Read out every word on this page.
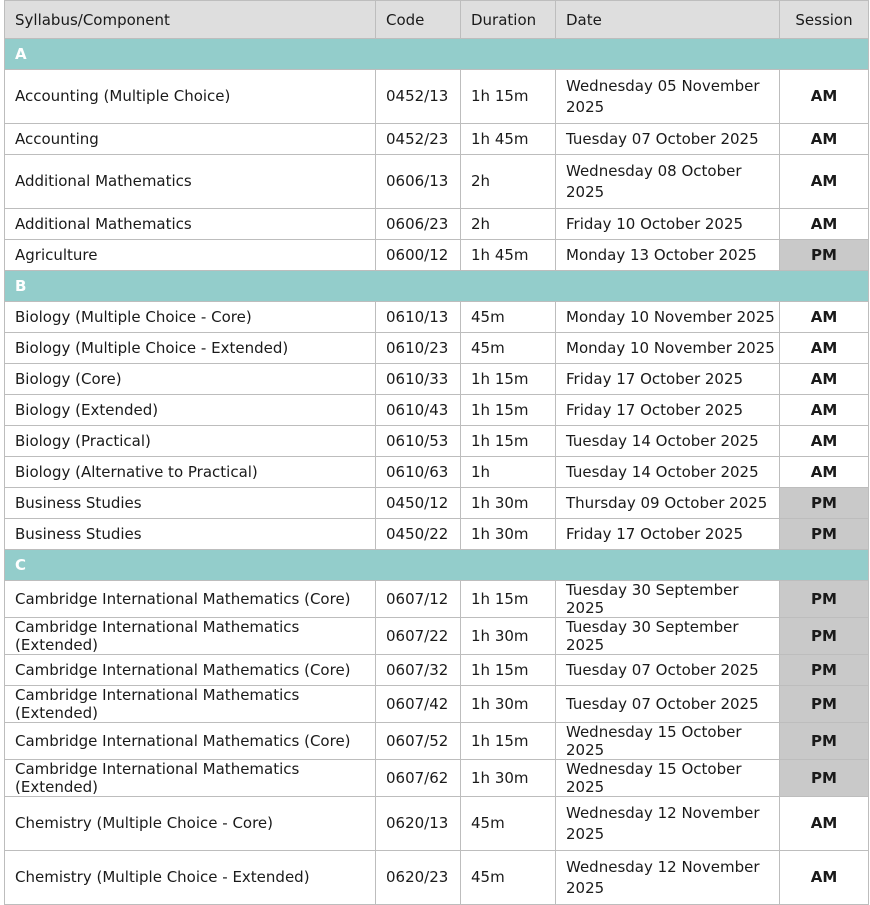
Syllabus/Component	Code	Duration	Date	Session
A				
Accounting (Multiple Choice)	0452/13	1h 15m	Wednesday 05 November 2025	AM
Accounting	0452/23	1h 45m	Tuesday 07 October 2025	AM
Additional Mathematics	0606/13	2h	Wednesday 08 October 2025	AM
Additional Mathematics	0606/23	2h	Friday 10 October 2025	AM
Agriculture	0600/12	1h 45m	Monday 13 October 2025	PM
B				
Biology (Multiple Choice - Core)	0610/13	45m	Monday 10 November 2025	AM
Biology (Multiple Choice - Extended)	0610/23	45m	Monday 10 November 2025	AM
Biology (Core)	0610/33	1h 15m	Friday 17 October 2025	AM
Biology (Extended)	0610/43	1h 15m	Friday 17 October 2025	AM
Biology (Practical)	0610/53	1h 15m	Tuesday 14 October 2025	AM
Biology (Alternative to Practical)	0610/63	1h	Tuesday 14 October 2025	AM
Business Studies	0450/12	1h 30m	Thursday 09 October 2025	PM
Business Studies	0450/22	1h 30m	Friday 17 October 2025	PM
C				
Cambridge International Mathematics (Core)	0607/12	1h 15m	Tuesday 30 September 2025	PM
Cambridge International Mathematics (Extended)	0607/22	1h 30m	Tuesday 30 September 2025	PM
Cambridge International Mathematics (Core)	0607/32	1h 15m	Tuesday 07 October 2025	PM
Cambridge International Mathematics (Extended)	0607/42	1h 30m	Tuesday 07 October 2025	PM
Cambridge International Mathematics (Core)	0607/52	1h 15m	Wednesday 15 October 2025	PM
Cambridge International Mathematics (Extended)	0607/62	1h 30m	Wednesday 15 October 2025	PM
Chemistry (Multiple Choice - Core)	0620/13	45m	Wednesday 12 November 2025	AM
Chemistry (Multiple Choice - Extended)	0620/23	45m	Wednesday 12 November 2025	AM
